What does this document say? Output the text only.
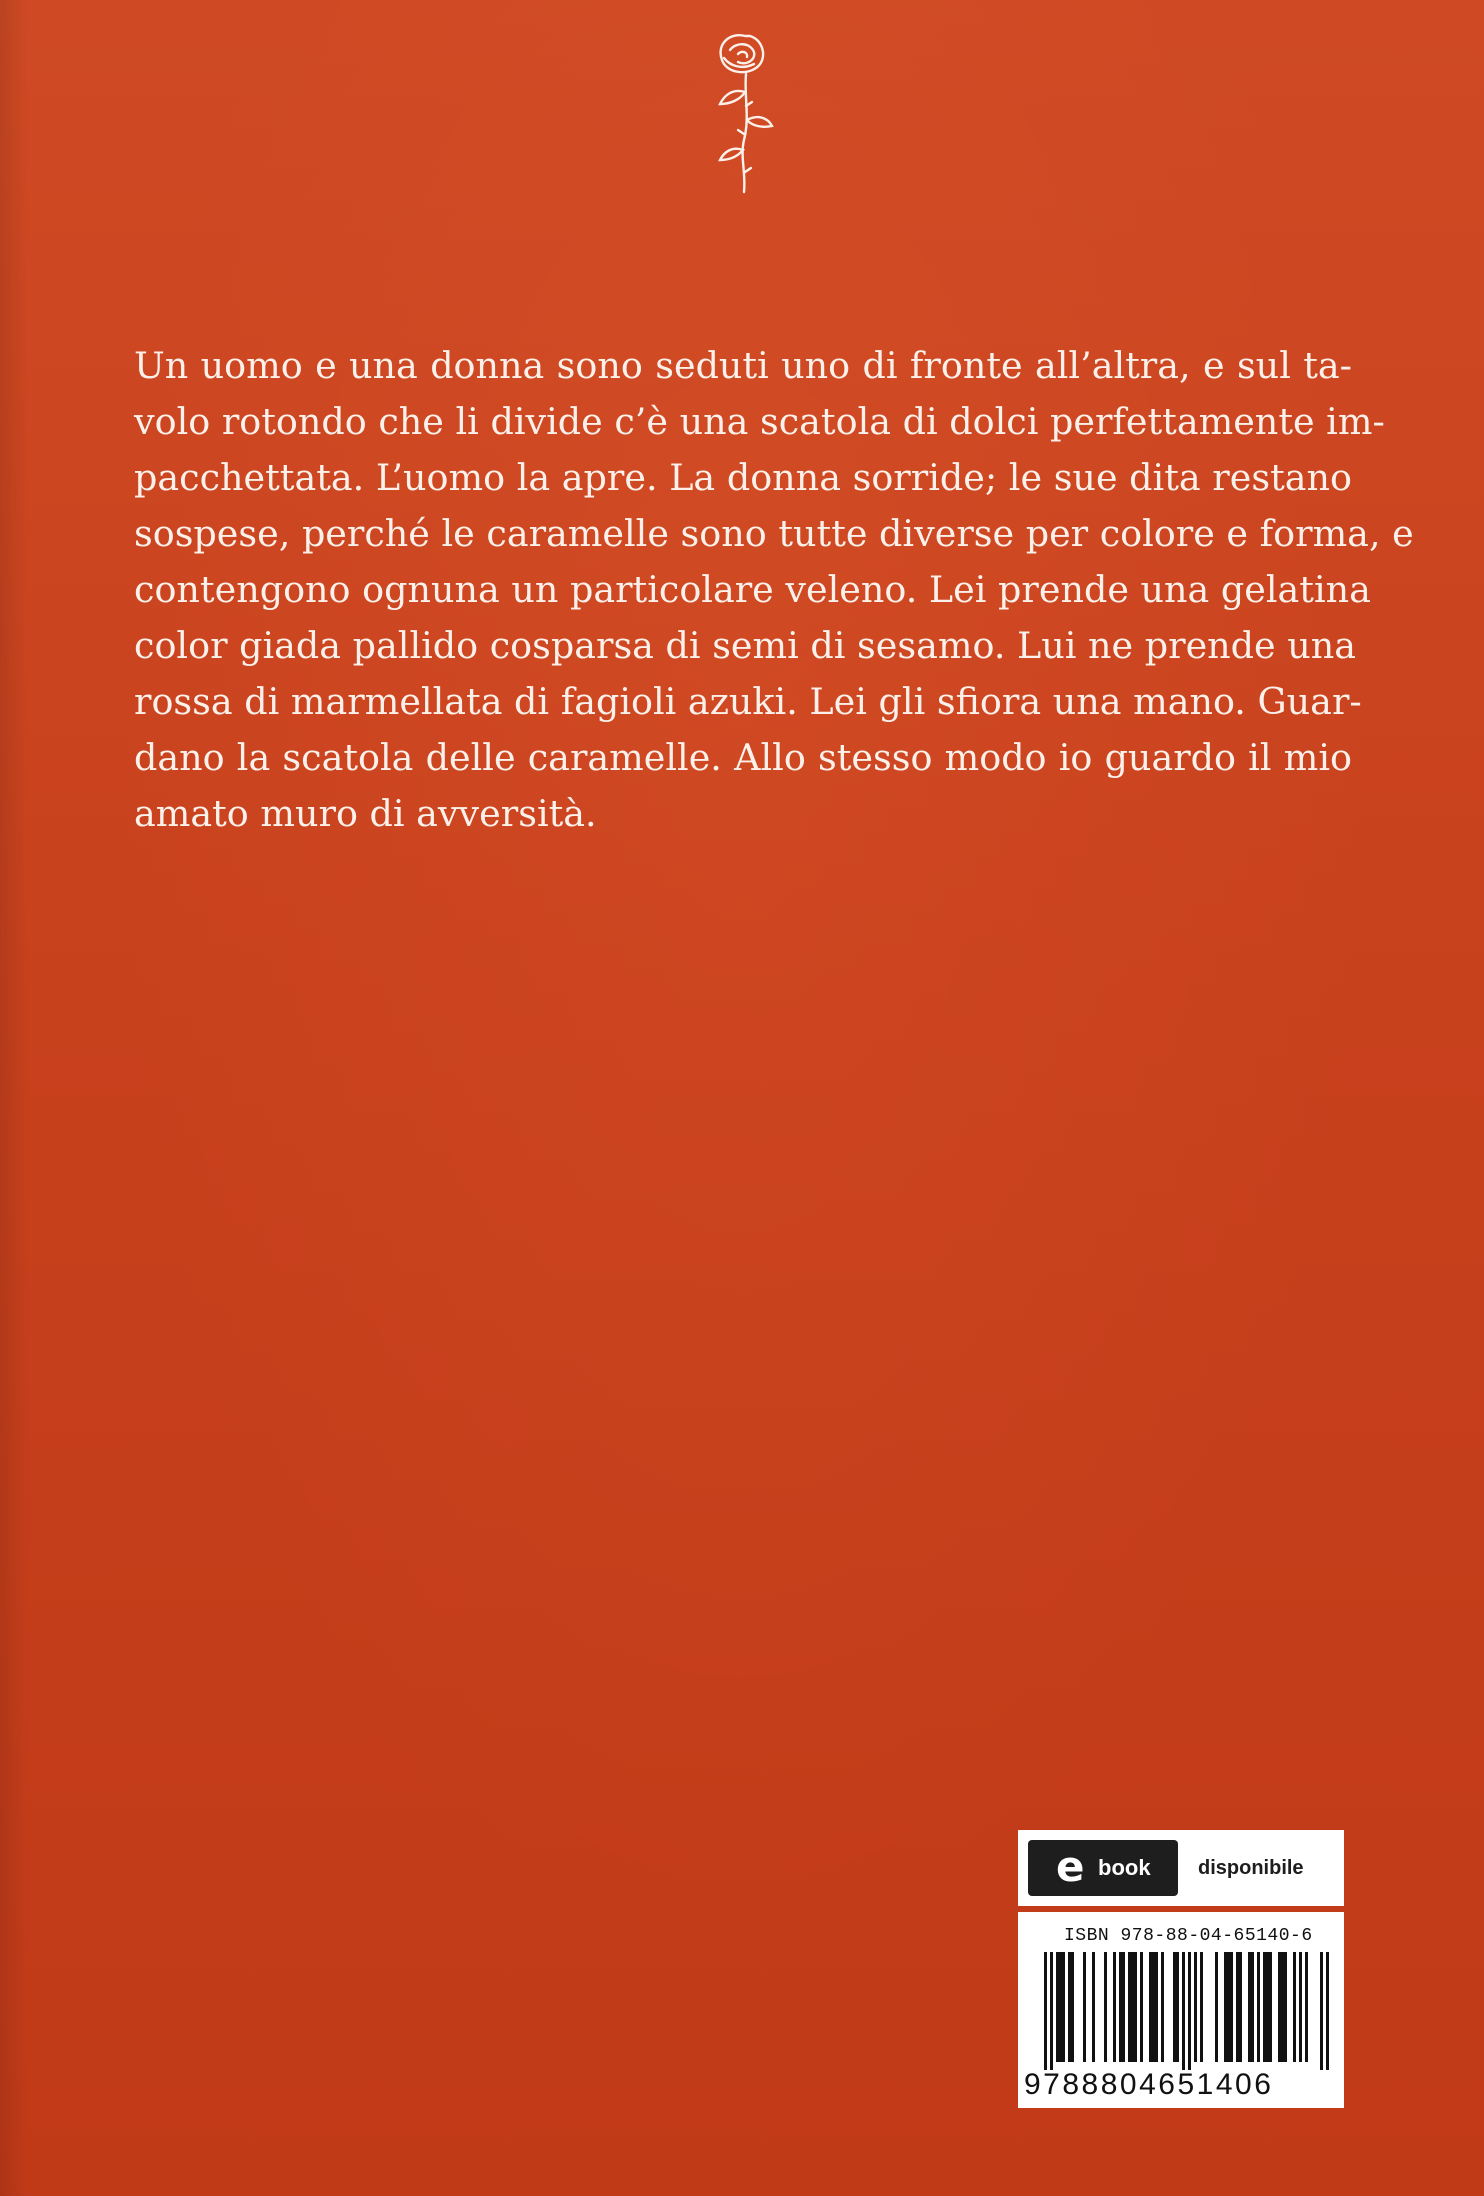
Un uomo e una donna sono seduti uno di fronte all’altra, e sul ta-
volo rotondo che li divide c’è una scatola di dolci perfettamente im-
pacchettata. L’uomo la apre. La donna sorride; le sue dita restano
sospese, perché le caramelle sono tutte diverse per colore e forma, e
contengono ognuna un particolare veleno. Lei prende una gelatina
color giada pallido cosparsa di semi di sesamo. Lui ne prende una
rossa di marmellata di fagioli azuki. Lei gli sfiora una mano. Guar-
dano la scatola delle caramelle. Allo stesso modo io guardo il mio
amato muro di avversità.
e book disponibile
ISBN 978-88-04-65140-6
9788804651406
